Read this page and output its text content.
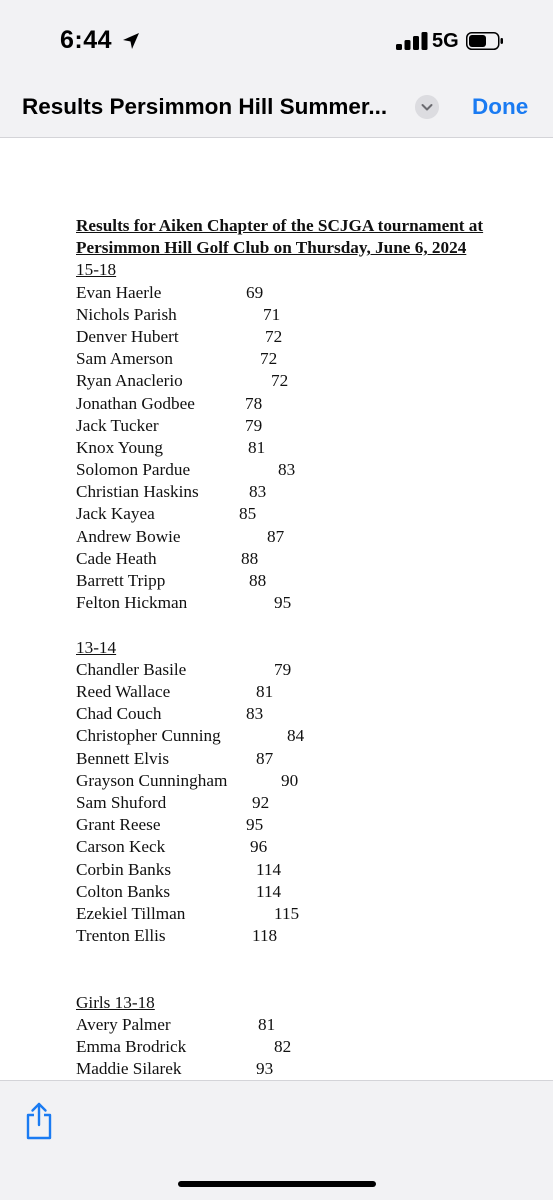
6:44	5G
Results Persimmon Hill Summer...	Done
Results for Aiken Chapter of the SCJGA tournament at
Persimmon Hill Golf Club on Thursday, June 6, 2024
15-18
Evan Haerle	69
Nichols Parish	71
Denver Hubert	72
Sam Amerson	72
Ryan Anaclerio	72
Jonathan Godbee	78
Jack Tucker	79
Knox Young	81
Solomon Pardue	83
Christian Haskins	83
Jack Kayea	85
Andrew Bowie	87
Cade Heath	88
Barrett Tripp	88
Felton Hickman	95
13-14
Chandler Basile	79
Reed Wallace	81
Chad Couch	83
Christopher Cunning	84
Bennett Elvis	87
Grayson Cunningham	90
Sam Shuford	92
Grant Reese	95
Carson Keck	96
Corbin Banks	114
Colton Banks	114
Ezekiel Tillman	115
Trenton Ellis	118
Girls 13-18
Avery Palmer	81
Emma Brodrick	82
Maddie Silarek	93
